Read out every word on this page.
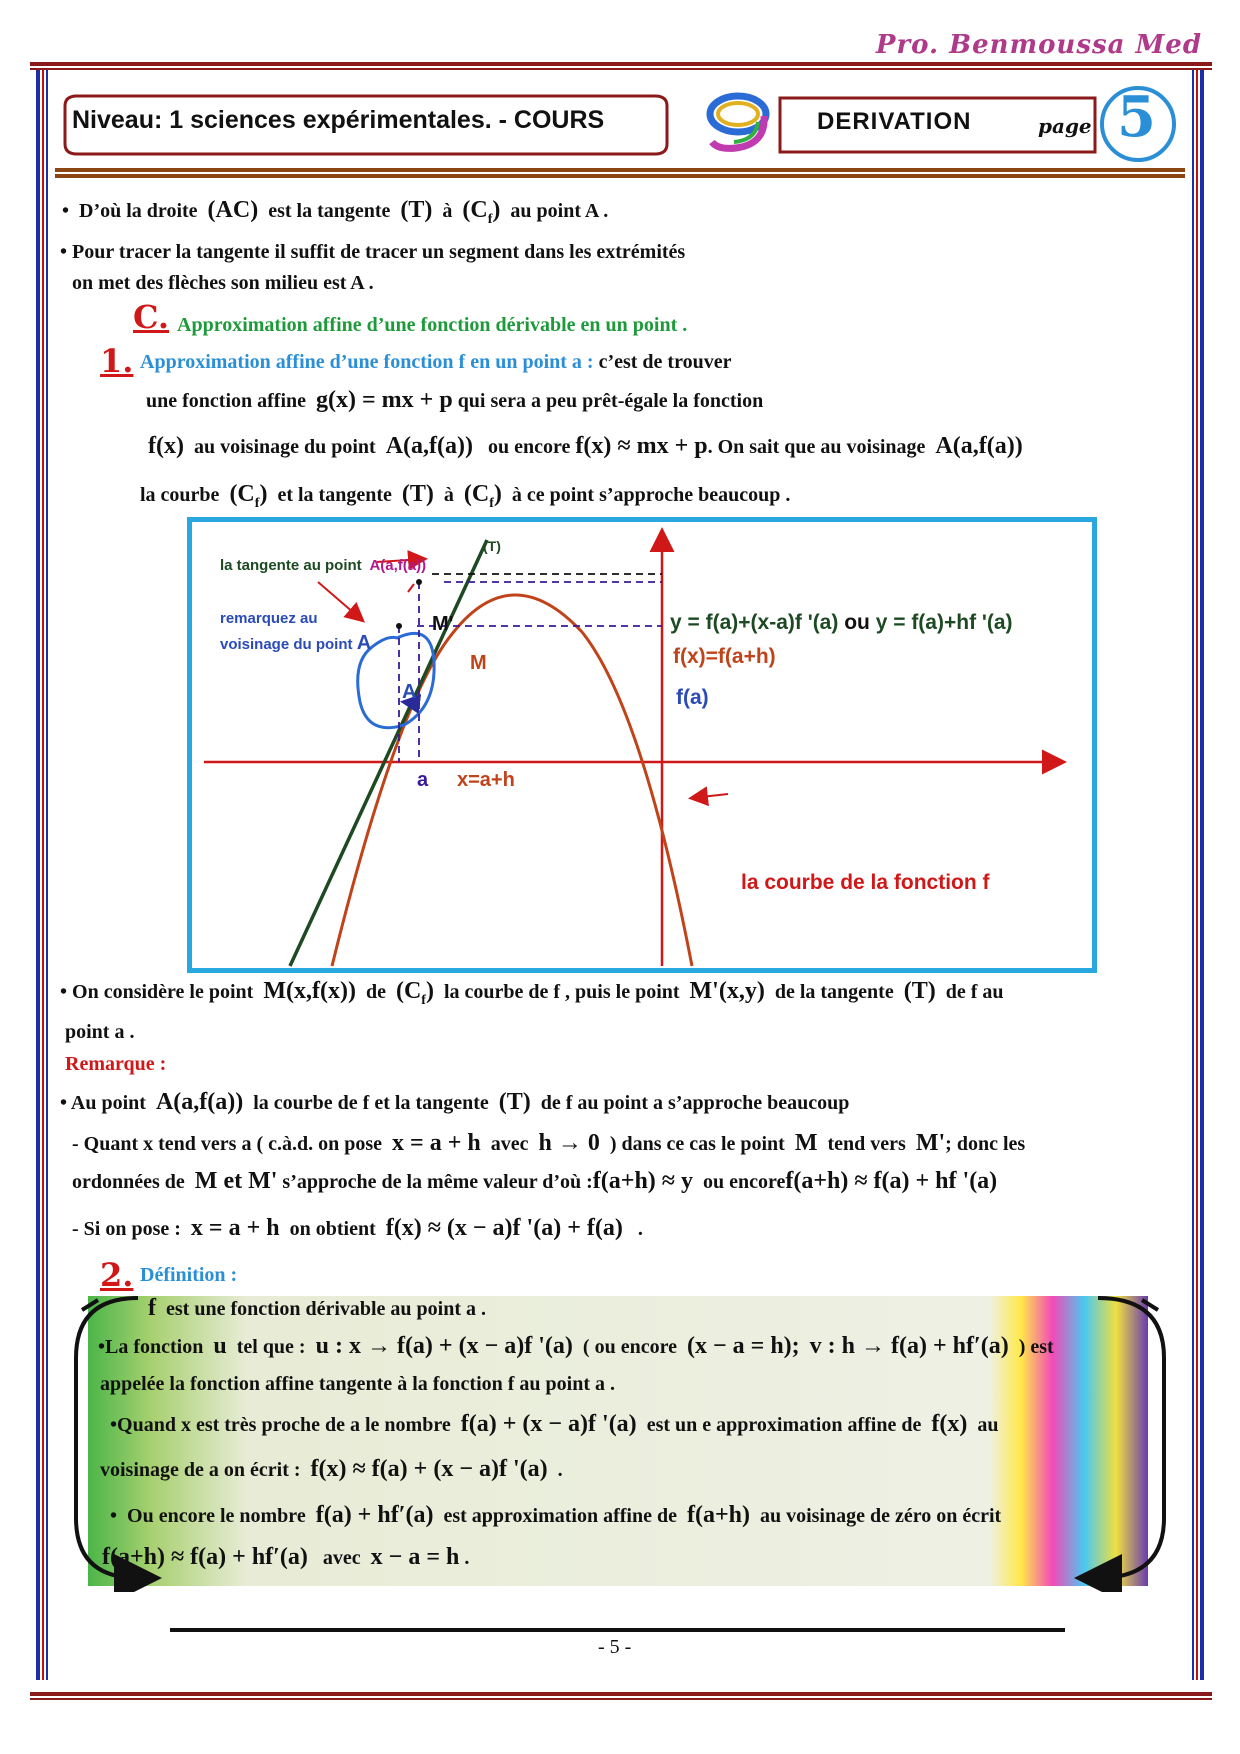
Pro. Benmoussa Med
Niveau: 1 sciences expérimentales. - COURS	DERIVATION	page 5
• D’où la droite (AC) est la tangente (T) à $(C_f)$ au point A .
• Pour tracer la tangente il suffit de tracer un segment dans les extrémités
on met des flèches son milieu est A .
C. Approximation affine d’une fonction dérivable en un point .
1. Approximation affine d’une fonction f en un point a : c’est de trouver
une fonction affine g(x) = mx + p qui sera a peu prêt-égale la fonction
f(x) au voisinage du point A(a,f(a)) ou encore f(x) ≈ mx + p. On sait que au voisinage A(a,f(a))
la courbe $(C_f)$ et la tangente (T) à $(C_f)$ à ce point s’approche beaucoup .
(T)
la tangente au point A(a,f(a))
remarquez au
voisinage du point A
M'
M
A
a x=a+h
y = f(a)+(x-a)f '(a) ou y = f(a)+hf '(a)
f(x)=f(a+h)
f(a)
la courbe de la fonction f
• On considère le point M(x,f(x)) de $(C_f)$ la courbe de f , puis le point M'(x,y) de la tangente (T) de f au
point a .
Remarque :
• Au point A(a,f(a)) la courbe de f et la tangente (T) de f au point a s’approche beaucoup
- Quant x tend vers a ( c.à.d. on pose x = a + h avec h → 0 ) dans ce cas le point M tend vers M'; donc les
ordonnées de M et M' s’approche de la même valeur d’où :f(a+h) ≈ y ou encoref(a+h) ≈ f(a) + hf '(a)
- Si on pose : x = a + h on obtient f(x) ≈ (x − a)f '(a) + f(a) .
2. Définition :
f est une fonction dérivable au point a .
•La fonction u tel que : u : x → f(a) + (x − a)f '(a) ( ou encore (x − a = h); v : h → f(a) + hf′(a) ) est
appelée la fonction affine tangente à la fonction f au point a .
•Quand x est très proche de a le nombre f(a) + (x − a)f '(a) est un e approximation affine de f(x) au
voisinage de a on écrit : f(x) ≈ f(a) + (x − a)f '(a) .
• Ou encore le nombre f(a) + hf′(a) est approximation affine de f(a+h) au voisinage de zéro on écrit
f(a+h) ≈ f(a) + hf′(a) avec x − a = h .
- 5 -
